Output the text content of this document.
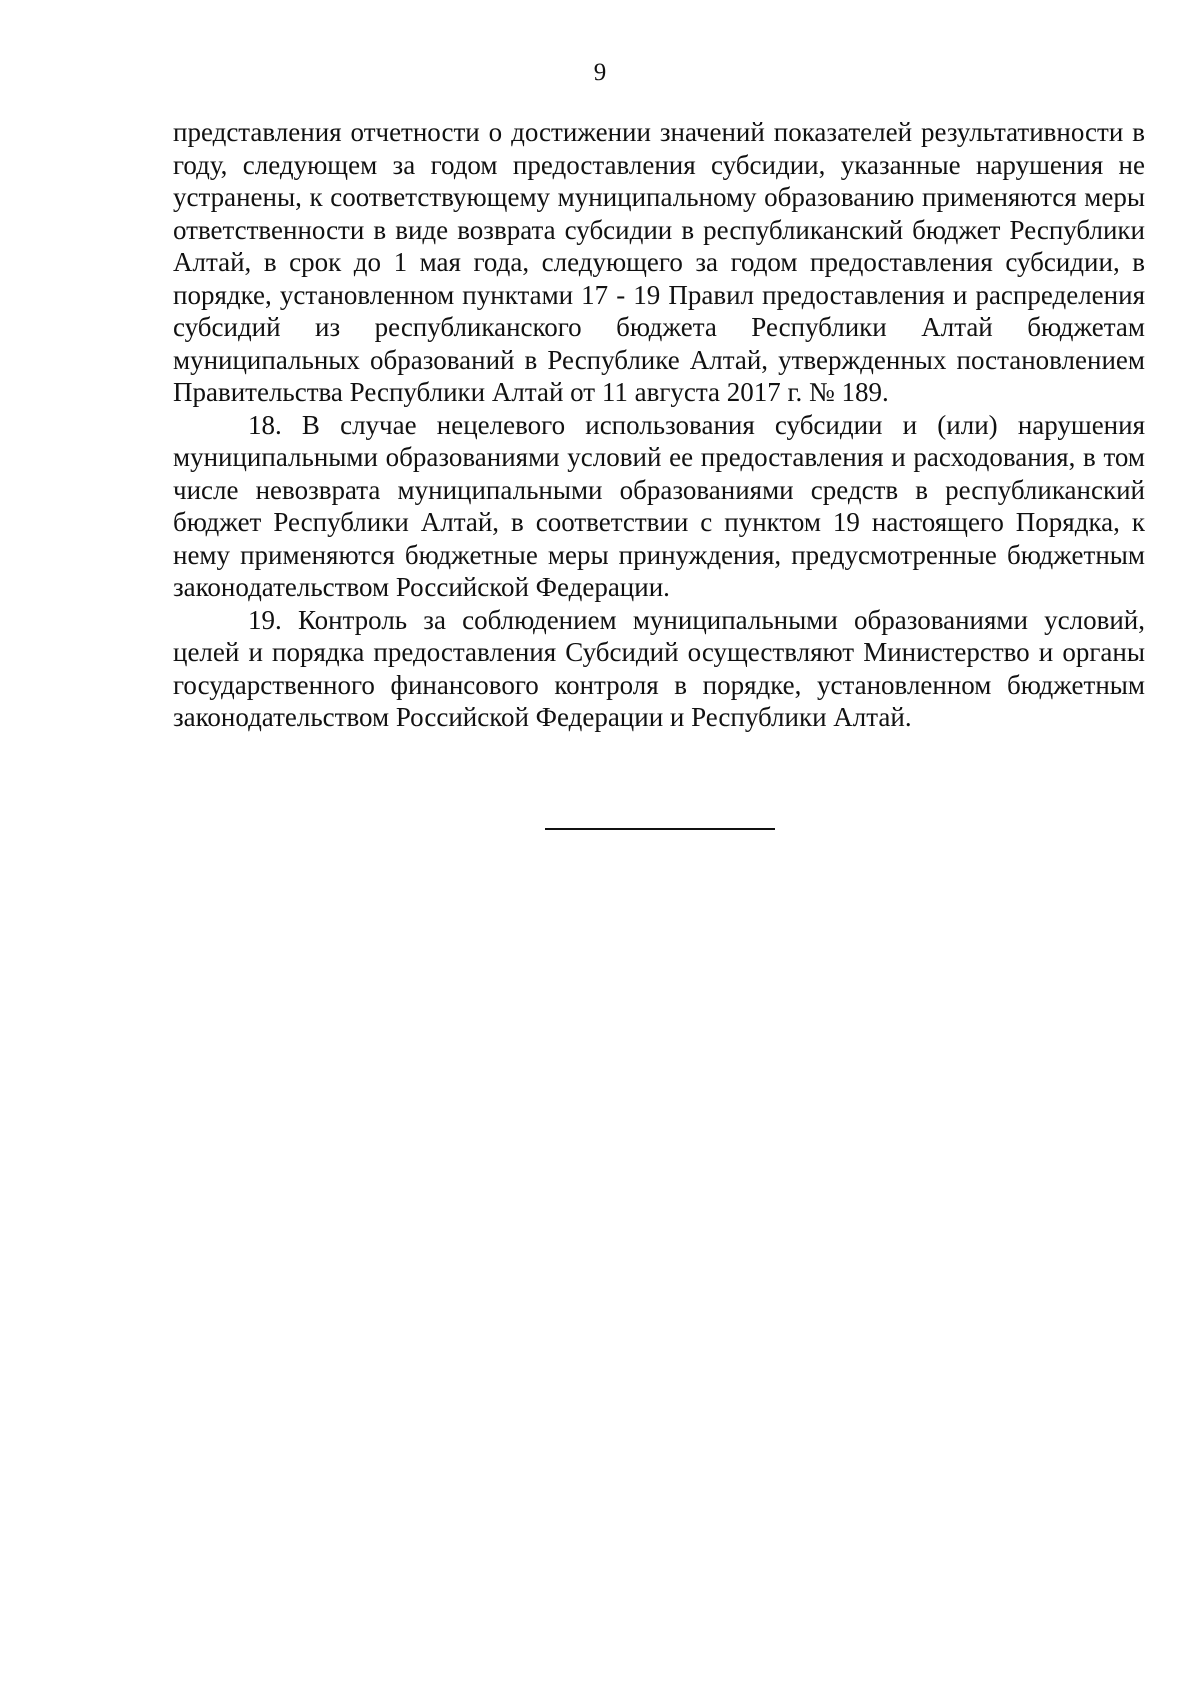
9

представления отчетности о достижении значений показателей результативности в году, следующем за годом предоставления субсидии, указанные нарушения не устранены, к соответствующему муниципальному образованию применяются меры ответственности в виде возврата субсидии в республиканский бюджет Республики Алтай, в срок до 1 мая года, следующего за годом предоставления субсидии, в порядке, установленном пунктами 17 - 19 Правил предоставления и распределения субсидий из республиканского бюджета Республики Алтай бюджетам муниципальных образований в Республике Алтай, утвержденных постановлением Правительства Республики Алтай от 11 августа 2017 г. № 189.

18. В случае нецелевого использования субсидии и (или) нарушения муниципальными образованиями условий ее предоставления и расходования, в том числе невозврата муниципальными образованиями средств в республиканский бюджет Республики Алтай, в соответствии с пунктом 19 настоящего Порядка, к нему применяются бюджетные меры принуждения, предусмотренные бюджетным законодательством Российской Федерации.

19. Контроль за соблюдением муниципальными образованиями условий, целей и порядка предоставления Субсидий осуществляют Министерство и органы государственного финансового контроля в порядке, установленном бюджетным законодательством Российской Федерации и Республики Алтай.
